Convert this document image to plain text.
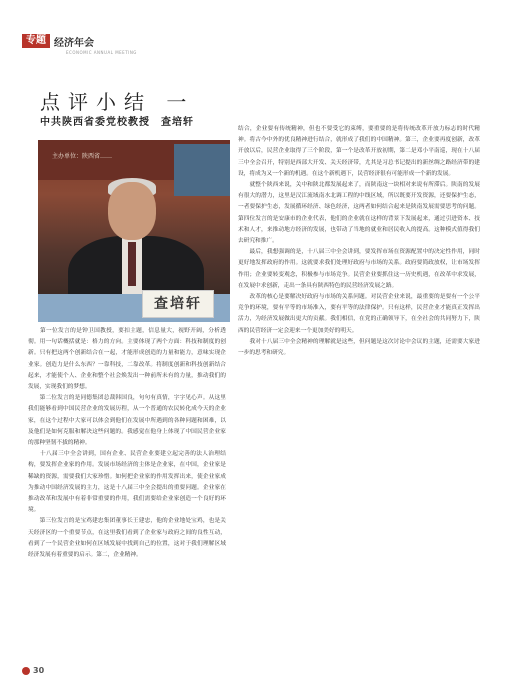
专题 经济年会
ECONOMIC ANNUAL MEETING
点评小结 一
中共陕西省委党校教授　查培轩
主办单位：陕西省……
查培轩
　　第一位发言的是钟卫国教授，要扣主题，信息量大，视野开阔，分析透彻。用一句话概括就是：格力的方向。主要体现了两个方面：科技和制度的创新。只有把这两个创新结合在一起，才能形成创造的力量和能力，意味实现企业家。创造力是什么东西？一靠科技，二靠改革。将制度创新和科技创新结合起来，才能使个人、企业和整个社会焕发出一种前所未有的力量，推动我们的发展，实现我们的梦想。
　　第二位发言的是同德集团总裁韩国良，句句有真情，字字见心声。从这里我们能够看到中国民营企业的发展历程，从一个普通的农民转化成今天的企业家，在这个过程中大家可以体会到他们在发展中所遇到的各种问题和困难，以及他们是如何克服和解决这些问题的。我感觉在他身上体现了中国民营企业家的那种坚韧不拔的精神。
　　十八届三中全会讲到，国有企业、民营企业要建立起完善的法人治理结构，要发挥企业家的作用。发展市场经济的主体是企业家，在中国，企业家是稀缺的资源，需要我们大家珍惜。如何把企业家的作用发挥出来，使企业家成为推动中国经济发展的主力，这是十八届三中全会提出的重要问题。企业家在推动改革和发展中有着非常重要的作用，我们需要给企业家创造一个良好的环境。
　　第三位发言的是宝鸡建忠集团董事长王建忠，他的企业地处宝鸡，也是关天经济区的一个重要节点，在这里我们看到了企业家与政府之间的良性互动，看到了一个民营企业如何在区域发展中找到自己的位置，这对于我们理解区域经济发展有着重要的启示。第二，企业精神。
结合，企业要有传统精神，但也不要受它的束缚，要重要的是将传统改革开放力标志的时代精神。将古今中外的优良精神进行结合，就形成了我们的中国精神。第三，企业要再度创新，改革开放以后，民营企业取得了三个阶段，第一个是改革开放初期，第二是邓小平南巡，现在十八届三中全会召开，特别是西部大开发、关天经济带，尤其是习总书记提出的新丝绸之路经济带的建设，将成为又一个新的机遇。在这个新机遇下，民营经济很有可能形成一个新的发展。
　　就整个陕西来说，关中和陕北都发展起来了，而陕南这一块相对来说有所滞后。陕南的发展有很大的潜力，这里是汉江流域南水北调工程的中线区域，所以既要开发资源，还要保护生态，一者要保护生态，发展循环经济、绿色经济，这两者如何结合起来是陕南发展需要思考的问题。第四位发言的是安康市的企业代表，他们的企业就在这样的背景下发展起来，通过引进资本、技术和人才，来推动地方经济的发展，也带动了当地的就业和居民收入的提高。这种模式值得我们去研究和推广。
　　最后，我想强调的是，十八届三中全会讲到，要发挥市场在资源配置中的决定性作用，同时更好地发挥政府的作用。这就要求我们处理好政府与市场的关系。政府要简政放权，让市场发挥作用；企业要转变观念，积极参与市场竞争。民营企业要抓住这一历史机遇，在改革中求发展，在发展中求创新，走出一条具有陕西特色的民营经济发展之路。
　　改革的核心是要解决好政府与市场的关系问题。对民营企业来说，最重要的是要有一个公平竞争的环境，要有平等的市场准入，要有平等的法律保护。只有这样，民营企业才能真正发挥出活力，为经济发展做出更大的贡献。我们相信，在党的正确领导下，在全社会的共同努力下，陕西的民营经济一定会迎来一个更加美好的明天。
　　我对十八届三中全会精神的理解就是这些，但问题是这次讨论中会议的主题，还需要大家进一步的思考和研究。
30
